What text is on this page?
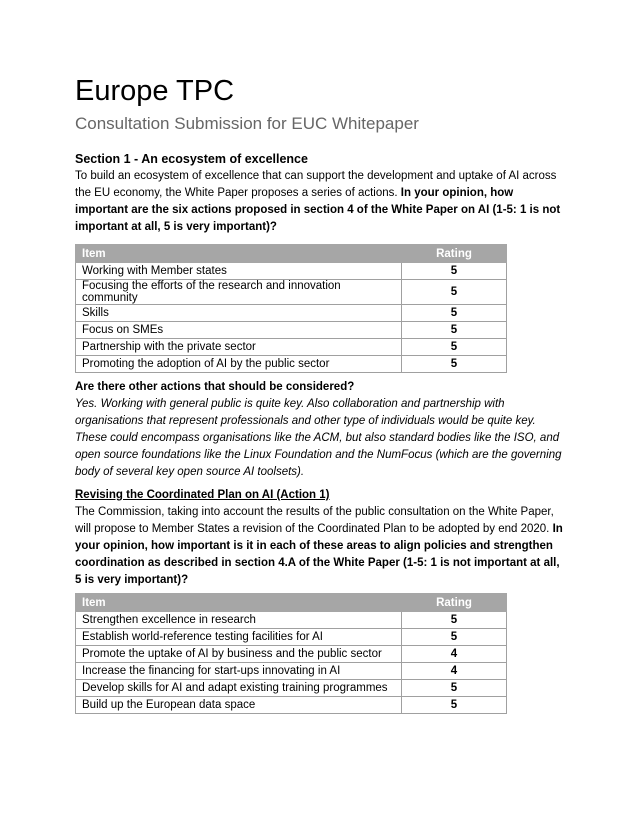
Europe TPC
Consultation Submission for EUC Whitepaper
Section 1 - An ecosystem of excellence
To build an ecosystem of excellence that can support the development and uptake of AI across the EU economy, the White Paper proposes a series of actions. In your opinion, how important are the six actions proposed in section 4 of the White Paper on AI (1-5: 1 is not important at all, 5 is very important)?
Item	Rating
Working with Member states	5
Focusing the efforts of the research and innovation community	5
Skills	5
Focus on SMEs	5
Partnership with the private sector	5
Promoting the adoption of AI by the public sector	5
Are there other actions that should be considered?
Yes. Working with general public is quite key. Also collaboration and partnership with organisations that represent professionals and other type of individuals would be quite key. These could encompass organisations like the ACM, but also standard bodies like the ISO, and open source foundations like the Linux Foundation and the NumFocus (which are the governing body of several key open source AI toolsets).
Revising the Coordinated Plan on AI (Action 1)
The Commission, taking into account the results of the public consultation on the White Paper, will propose to Member States a revision of the Coordinated Plan to be adopted by end 2020. In your opinion, how important is it in each of these areas to align policies and strengthen coordination as described in section 4.A of the White Paper (1-5: 1 is not important at all, 5 is very important)?
Item	Rating
Strengthen excellence in research	5
Establish world-reference testing facilities for AI	5
Promote the uptake of AI by business and the public sector	4
Increase the financing for start-ups innovating in AI	4
Develop skills for AI and adapt existing training programmes	5
Build up the European data space	5
